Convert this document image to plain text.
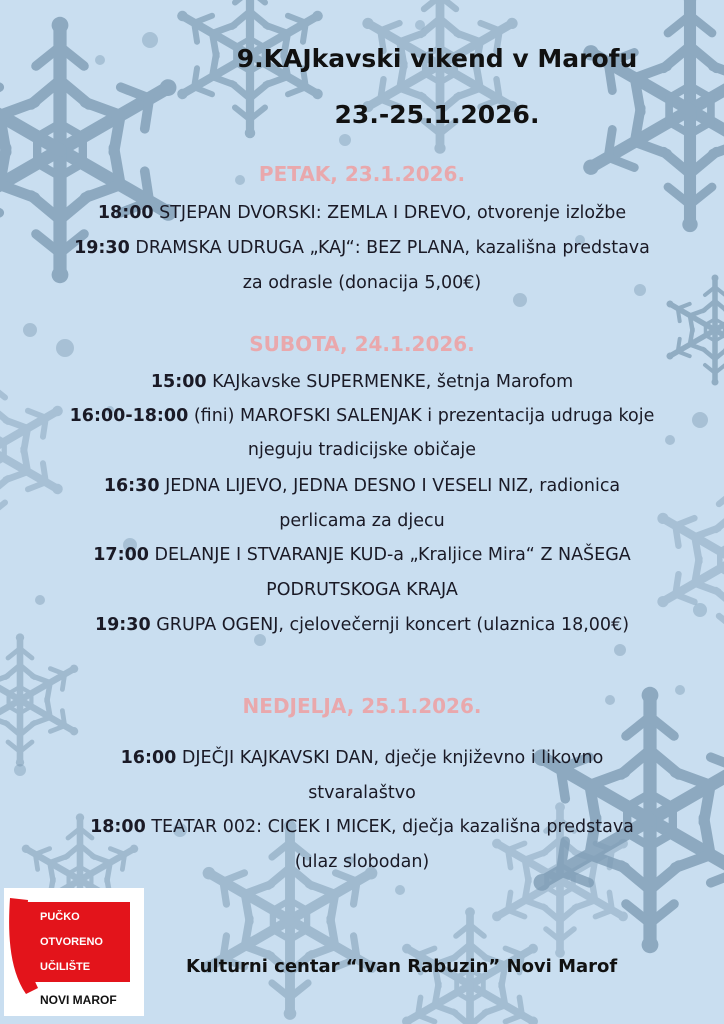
9.KAJkavski vikend v Marofu
23.-25.1.2026.
PETAK, 23.1.2026.
18:00 STJEPAN DVORSKI: ZEMLA I DREVO, otvorenje izložbe
19:30 DRAMSKA UDRUGA „KAJ“: BEZ PLANA, kazališna predstava
za odrasle (donacija 5,00€)
SUBOTA, 24.1.2026.
15:00 KAJkavske SUPERMENKE, šetnja Marofom
16:00-18:00 (fini) MAROFSKI SALENJAK i prezentacija udruga koje
njeguju tradicijske običaje
16:30 JEDNA LIJEVO, JEDNA DESNO I VESELI NIZ, radionica
perlicama za djecu
17:00 DELANJE I STVARANJE KUD-a „Kraljice Mira“ Z NAŠEGA
PODRUTSKOGA KRAJA
19:30 GRUPA OGENJ, cjelovečernji koncert (ulaznica 18,00€)
NEDJELJA, 25.1.2026.
16:00 DJEČJI KAJKAVSKI DAN, dječje književno i likovno
stvaralaštvo
18:00 TEATAR 002: CICEK I MICEK, dječja kazališna predstava
(ulaz slobodan)
PUČKO
OTVORENO
UČILIŠTE
NOVI MAROF
Kulturni centar “Ivan Rabuzin” Novi Marof
